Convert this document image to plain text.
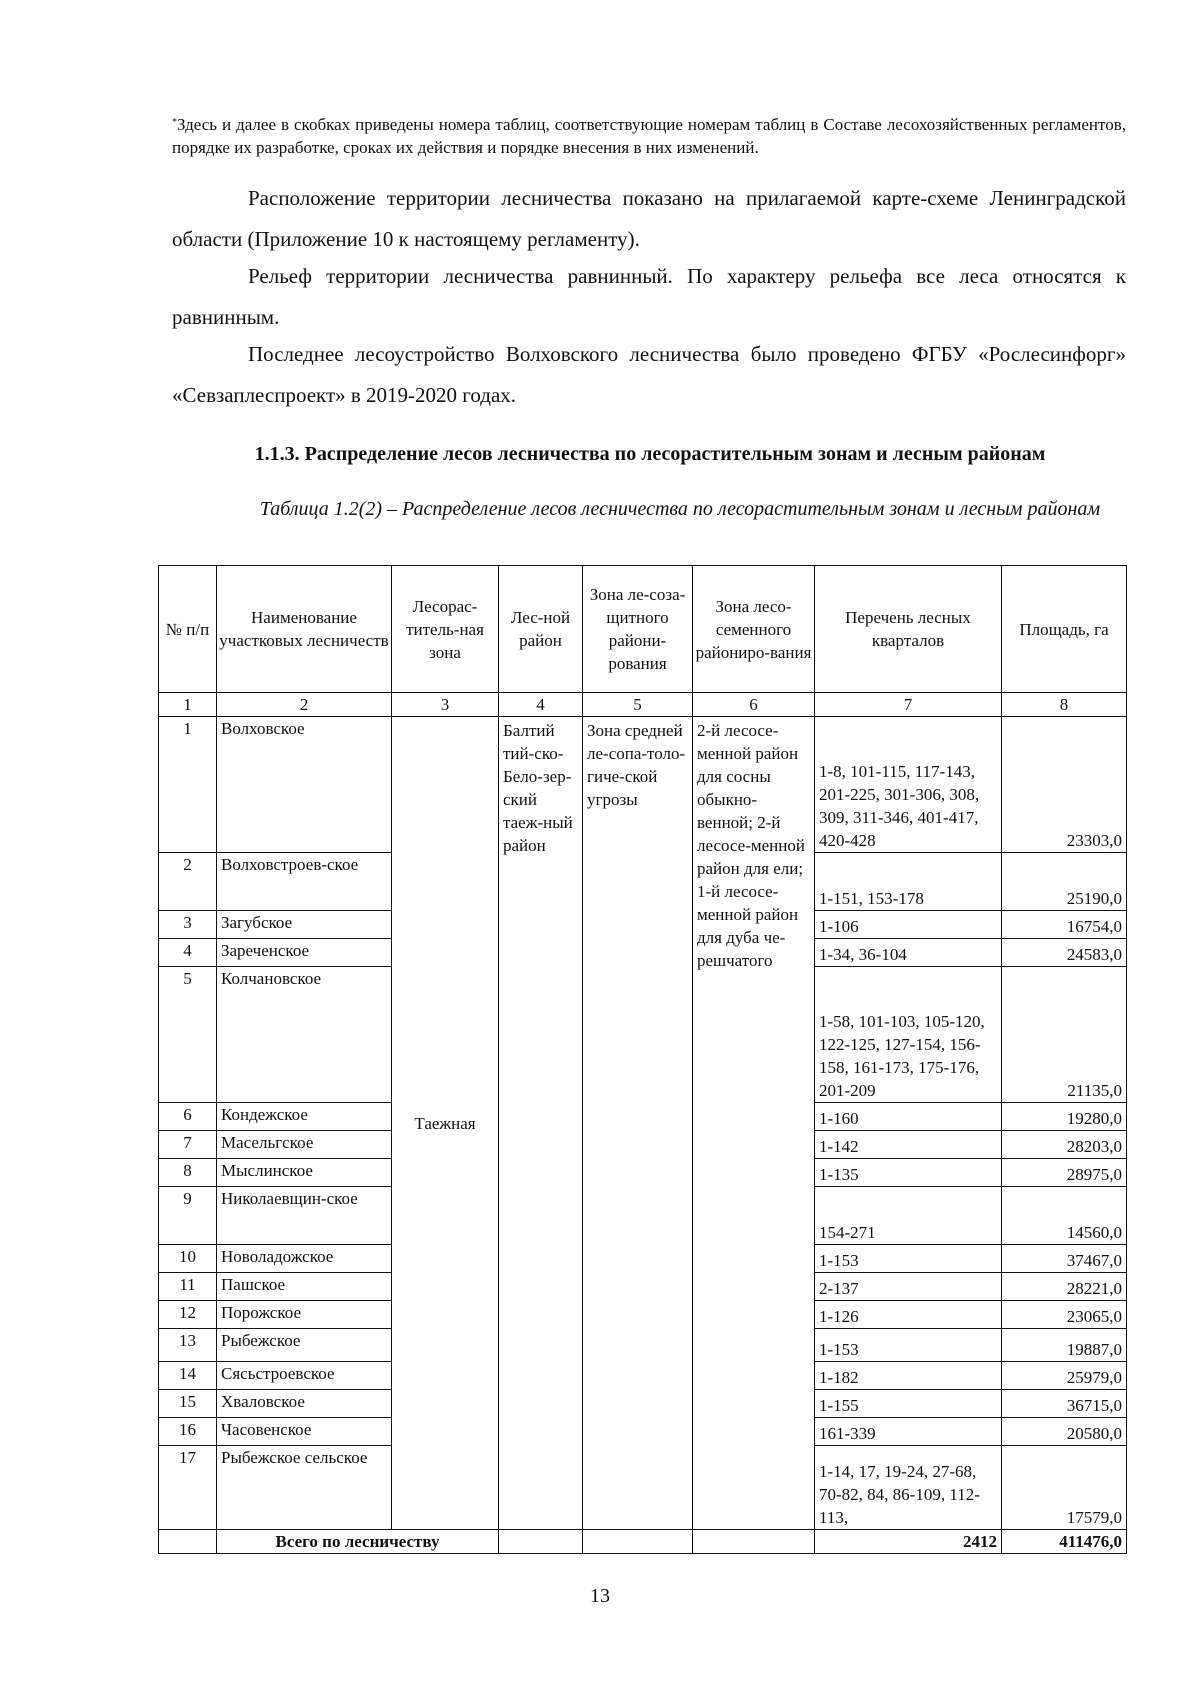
*Здесь и далее в скобках приведены номера таблиц, соответствующие номерам таблиц в Составе лесохозяйственных регламентов, порядке их разработке, сроках их действия и порядке внесения в них изменений.
Расположение территории лесничества показано на прилагаемой карте-схеме Ленинградской области (Приложение 10 к настоящему регламенту).
Рельеф территории лесничества равнинный. По характеру рельефа все леса относятся к равнинным.
Последнее лесоустройство Волховского лесничества было проведено ФГБУ «Рослесинфорг» «Севзаплеспроект» в 2019-2020 годах.
1.1.3. Распределение лесов лесничества по лесорастительным зонам и лесным районам
Таблица 1.2(2) – Распределение лесов лесничества по лесорастительным зонам и лесным районам
№ п/п	Наименование участковых лесничеств	Лесорас-титель-ная зона	Лес-ной район	Зона ле-соза-щитного райони-рования	Зона лесо-семенного райониро-вания	Перечень лесных кварталов	Площадь, га
1	2	3	4	5	6	7	8
1	Волховское	Таежная	Балтий тий-ско-Бело-зер-ский таеж-ный район	Зона средней ле-сопа-толо-гиче-ской угрозы	2-й лесосе-менной район для сосны обыкно-венной; 2-й лесосе-менной район для ели; 1-й лесосе-менной район для дуба че-решчатого	1-8, 101-115, 117-143, 201-225, 301-306, 308, 309, 311-346, 401-417, 420-428	23303,0
2	Волховстроев-ское					1-151, 153-178	25190,0
3	Загубское					1-106	16754,0
4	Зареченское					1-34, 36-104	24583,0
5	Колчановское					1-58, 101-103, 105-120, 122-125, 127-154, 156-158, 161-173, 175-176, 201-209	21135,0
6	Кондежское					1-160	19280,0
7	Масельгское					1-142	28203,0
8	Мыслинское					1-135	28975,0
9	Николаевщин-ское					154-271	14560,0
10	Новоладожское					1-153	37467,0
11	Пашское					2-137	28221,0
12	Порожское					1-126	23065,0
13	Рыбежское					1-153	19887,0
14	Сясьстроевское					1-182	25979,0
15	Хваловское					1-155	36715,0
16	Часовенское					161-339	20580,0
17	Рыбежское сельское					1-14, 17, 19-24, 27-68, 70-82, 84, 86-109, 112-113,	17579,0
	Всего по лесничеству					2412	411476,0
13
